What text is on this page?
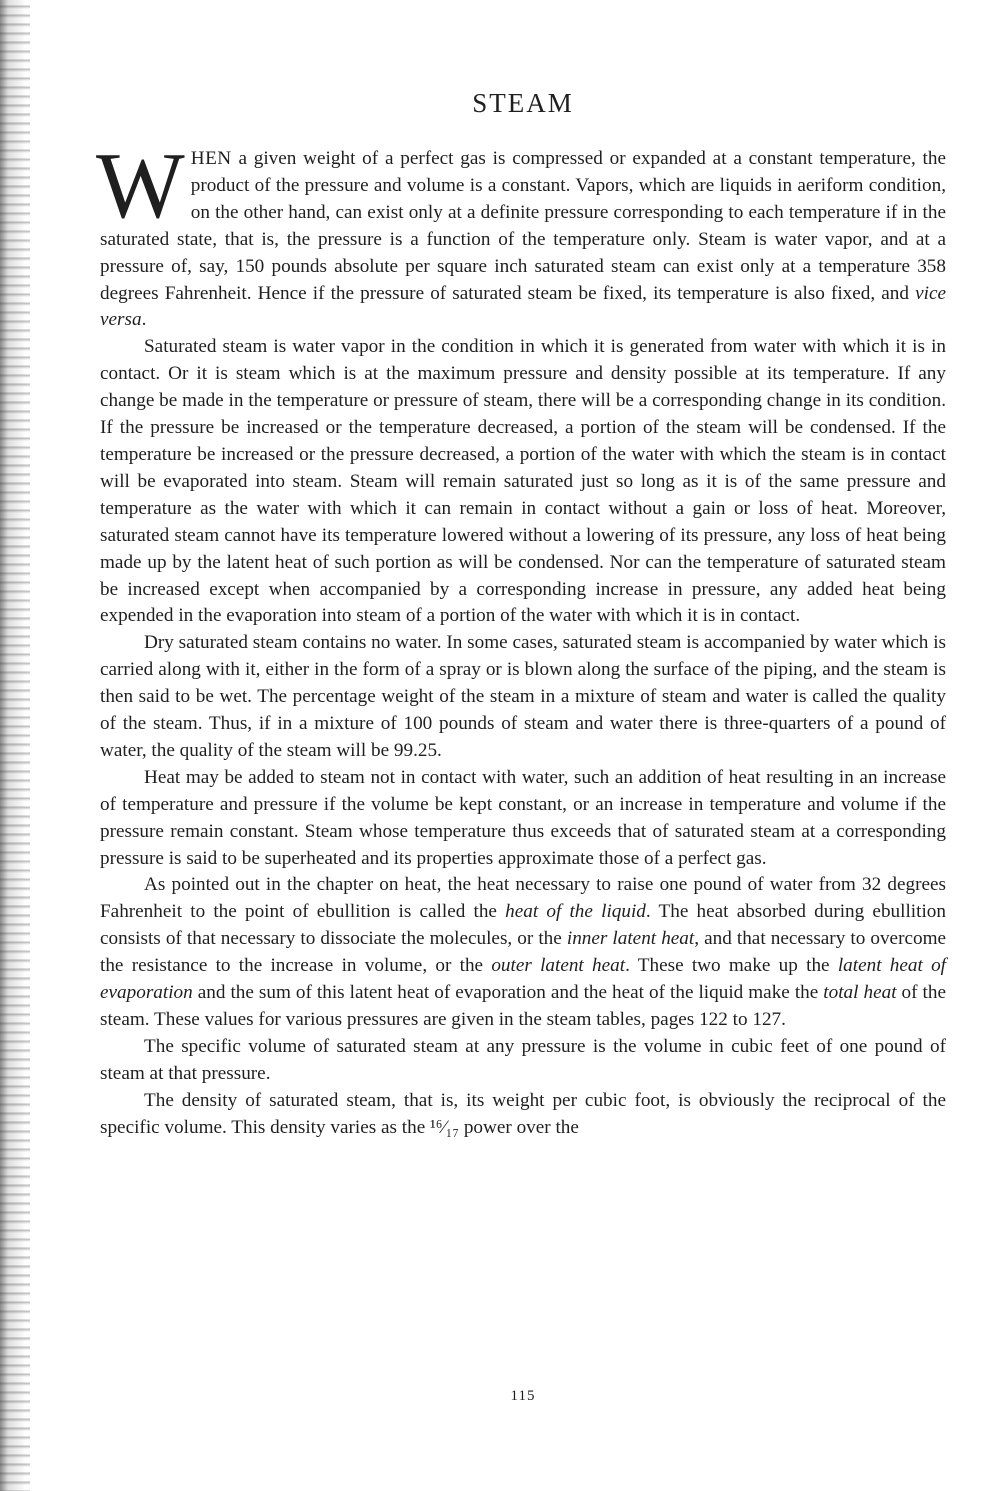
STEAM

WHEN a given weight of a perfect gas is compressed or expanded at a constant temperature, the product of the pressure and volume is a constant. Vapors, which are liquids in aeriform condition, on the other hand, can exist only at a definite pressure corresponding to each temperature if in the saturated state, that is, the pressure is a function of the temperature only. Steam is water vapor, and at a pressure of, say, 150 pounds absolute per square inch saturated steam can exist only at a temperature 358 degrees Fahrenheit. Hence if the pressure of saturated steam be fixed, its temperature is also fixed, and vice versa.

Saturated steam is water vapor in the condition in which it is generated from water with which it is in contact. Or it is steam which is at the maximum pressure and density possible at its temperature. If any change be made in the temperature or pressure of steam, there will be a corresponding change in its condition. If the pressure be increased or the temperature decreased, a portion of the steam will be condensed. If the temperature be increased or the pressure decreased, a portion of the water with which the steam is in contact will be evaporated into steam. Steam will remain saturated just so long as it is of the same pressure and temperature as the water with which it can remain in contact without a gain or loss of heat. Moreover, saturated steam cannot have its temperature lowered without a lowering of its pressure, any loss of heat being made up by the latent heat of such portion as will be condensed. Nor can the temperature of saturated steam be increased except when accompanied by a corresponding increase in pressure, any added heat being expended in the evaporation into steam of a portion of the water with which it is in contact.

Dry saturated steam contains no water. In some cases, saturated steam is accompanied by water which is carried along with it, either in the form of a spray or is blown along the surface of the piping, and the steam is then said to be wet. The percentage weight of the steam in a mixture of steam and water is called the quality of the steam. Thus, if in a mixture of 100 pounds of steam and water there is three-quarters of a pound of water, the quality of the steam will be 99.25.

Heat may be added to steam not in contact with water, such an addition of heat resulting in an increase of temperature and pressure if the volume be kept constant, or an increase in temperature and volume if the pressure remain constant. Steam whose temperature thus exceeds that of saturated steam at a corresponding pressure is said to be superheated and its properties approximate those of a perfect gas.

As pointed out in the chapter on heat, the heat necessary to raise one pound of water from 32 degrees Fahrenheit to the point of ebullition is called the heat of the liquid. The heat absorbed during ebullition consists of that necessary to dissociate the molecules, or the inner latent heat, and that necessary to overcome the resistance to the increase in volume, or the outer latent heat. These two make up the latent heat of evaporation and the sum of this latent heat of evaporation and the heat of the liquid make the total heat of the steam. These values for various pressures are given in the steam tables, pages 122 to 127.

The specific volume of saturated steam at any pressure is the volume in cubic feet of one pound of steam at that pressure.

The density of saturated steam, that is, its weight per cubic foot, is obviously the reciprocal of the specific volume. This density varies as the ¹⁶⁄₁₇ power over the

115
